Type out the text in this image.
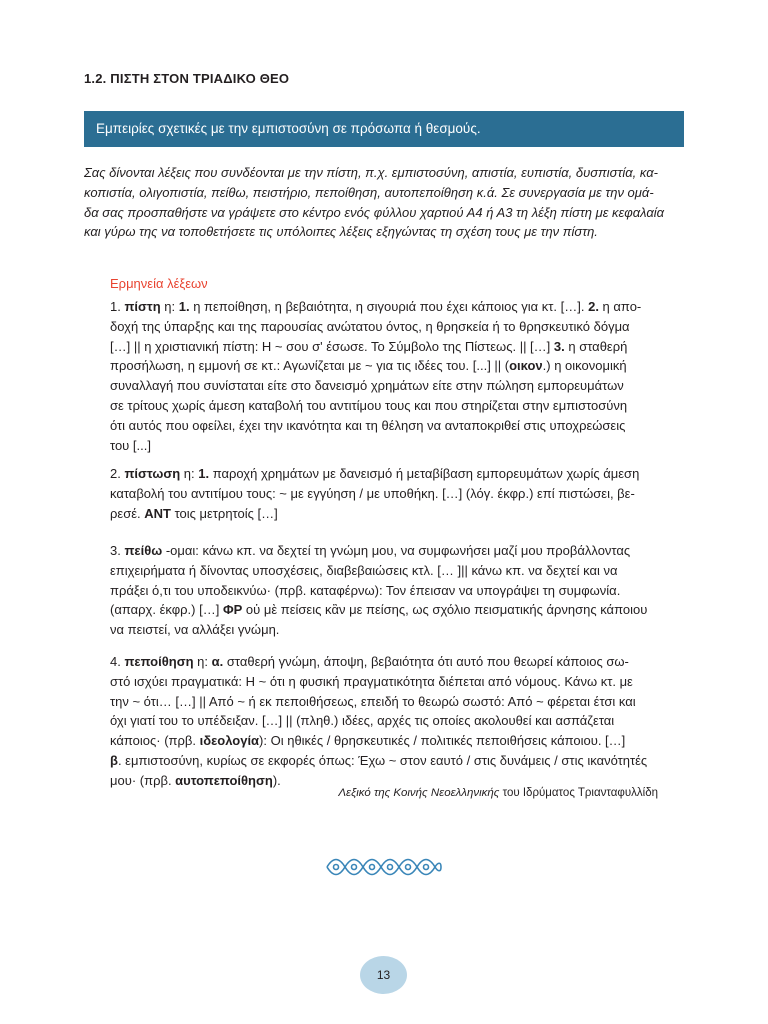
1.2. ΠΙΣΤΗ ΣΤΟΝ ΤΡΙΑΔΙΚΟ ΘΕΟ
Εμπειρίες σχετικές με την εμπιστοσύνη σε πρόσωπα ή θεσμούς.
Σας δίνονται λέξεις που συνδέονται με την πίστη, π.χ. εμπιστοσύνη, απιστία, ευπιστία, δυσπιστία, κα-
κοπιστία, ολιγοπιστία, πείθω, πειστήριο, πεποίθηση, αυτοπεποίθηση κ.ά. Σε συνεργασία με την ομά-
δα σας προσπαθήστε να γράψετε στο κέντρο ενός φύλλου χαρτιού Α4 ή Α3 τη λέξη πίστη με κεφαλαία
και γύρω της να τοποθετήσετε τις υπόλοιπες λέξεις εξηγώντας τη σχέση τους με την πίστη.
Ερμηνεία λέξεων
1. πίστη η: 1. η πεποίθηση, η βεβαιότητα, η σιγουριά που έχει κάποιος για κτ. […]. 2. η απο-
δοχή της ύπαρξης και της παρουσίας ανώτατου όντος, η θρησκεία ή το θρησκευτικό δόγμα
[…] || η χριστιανική πίστη: Η ~ σου σ' έσωσε. Το Σύμβολο της Πίστεως. || […] 3. η σταθερή
προσήλωση, η εμμονή σε κτ.: Αγωνίζεται με ~ για τις ιδέες του. [...] || (οικον.) η οικονομική
συναλλαγή που συνίσταται είτε στο δανεισμό χρημάτων είτε στην πώληση εμπορευμάτων
σε τρίτους χωρίς άμεση καταβολή του αντιτίμου τους και που στηρίζεται στην εμπιστοσύνη
ότι αυτός που οφείλει, έχει την ικανότητα και τη θέληση να ανταποκριθεί στις υποχρεώσεις
του [...]
2. πίστωση η: 1. παροχή χρημάτων με δανεισμό ή μεταβίβαση εμπορευμάτων χωρίς άμεση
καταβολή του αντιτίμου τους: ~ με εγγύηση / με υποθήκη. […] (λόγ. έκφρ.) επί πιστώσει, βε-
ρεσέ. ΑΝΤ τοις μετρητοίς […]
3. πείθω -ομαι: κάνω κπ. να δεχτεί τη γνώμη μου, να συμφωνήσει μαζί μου προβάλλοντας
επιχειρήματα ή δίνοντας υποσχέσεις, διαβεβαιώσεις κτλ. [… ]|| κάνω κπ. να δεχτεί και να
πράξει ό,τι του υποδεικνύω· (πρβ. καταφέρνω): Τον έπεισαν να υπογράψει τη συμφωνία.
(απαρχ. έκφρ.) […] ΦΡ οὐ μὲ πείσεις κἂν με πείσης, ως σχόλιο πεισματικής άρνησης κάποιου
να πειστεί, να αλλάξει γνώμη.
4. πεποίθηση η: α. σταθερή γνώμη, άποψη, βεβαιότητα ότι αυτό που θεωρεί κάποιος σω-
στό ισχύει πραγματικά: Η ~ ότι η φυσική πραγματικότητα διέπεται από νόμους. Κάνω κτ. με
την ~ ότι… […] || Από ~ ή εκ πεποιθήσεως, επειδή το θεωρώ σωστό: Από ~ φέρεται έτσι και
όχι γιατί του το υπέδειξαν. […] || (πληθ.) ιδέες, αρχές τις οποίες ακολουθεί και ασπάζεται
κάποιος· (πρβ. ιδεολογία): Οι ηθικές / θρησκευτικές / πολιτικές πεποιθήσεις κάποιου. […]
β. εμπιστοσύνη, κυρίως σε εκφορές όπως: Έχω ~ στον εαυτό / στις δυνάμεις / στις ικανότητές
μου· (πρβ. αυτοπεποίθηση).
Λεξικό της Κοινής Νεοελληνικής του Ιδρύματος Τριανταφυλλίδη
13
